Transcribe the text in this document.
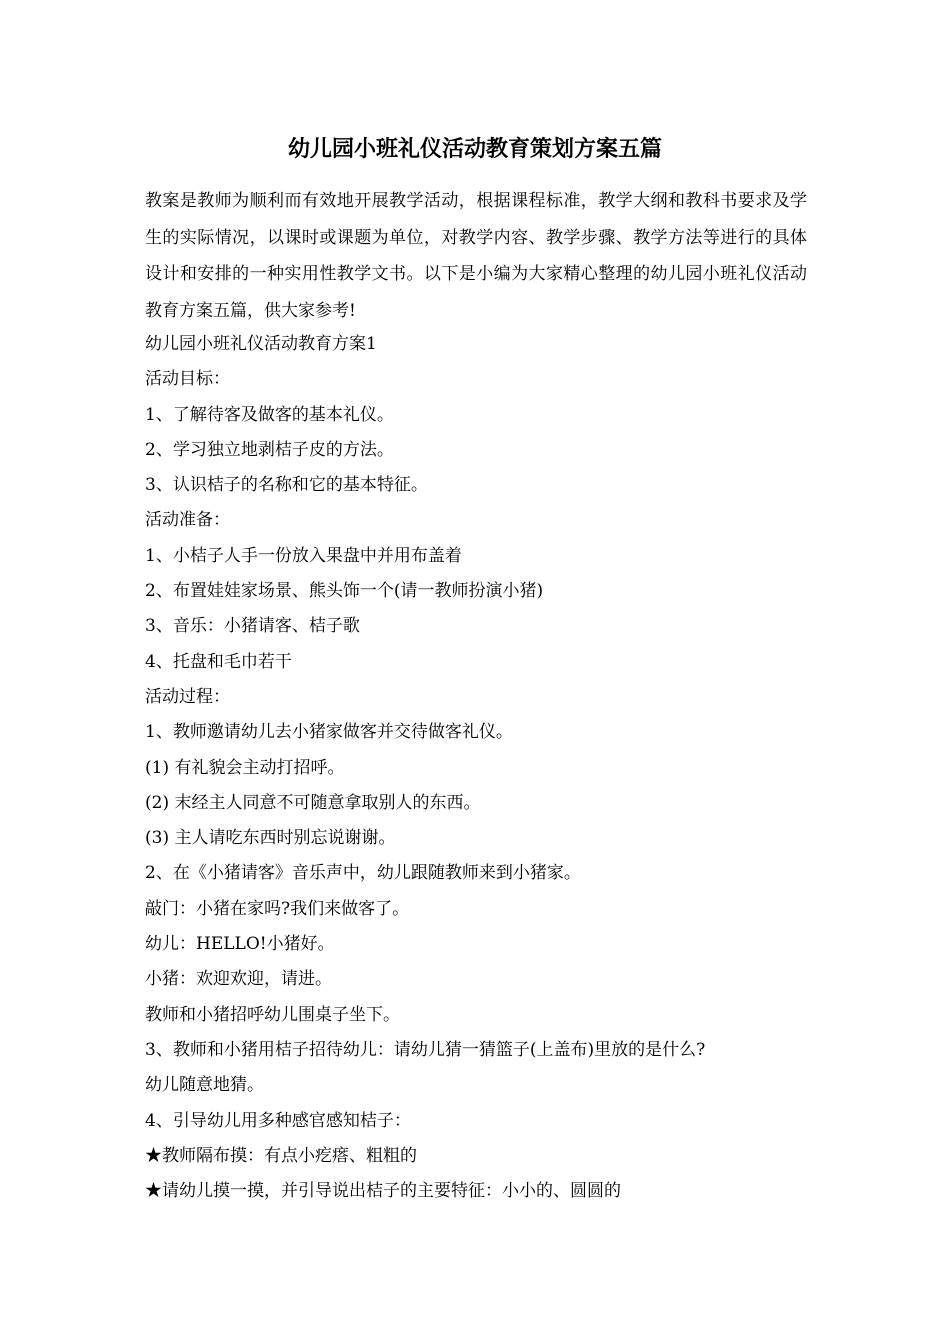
幼儿园小班礼仪活动教育策划方案五篇

教案是教师为顺利而有效地开展教学活动，根据课程标准，教学大纲和教科书要求及学生的实际情况，以课时或课题为单位，对教学内容、教学步骤、教学方法等进行的具体设计和安排的一种实用性教学文书。以下是小编为大家精心整理的幼儿园小班礼仪活动教育方案五篇，供大家参考!

幼儿园小班礼仪活动教育方案1
活动目标：
1、了解待客及做客的基本礼仪。
2、学习独立地剥桔子皮的方法。
3、认识桔子的名称和它的基本特征。
活动准备：
1、小桔子人手一份放入果盘中并用布盖着
2、布置娃娃家场景、熊头饰一个(请一教师扮演小猪)
3、音乐：小猪请客、桔子歌
4、托盘和毛巾若干
活动过程：
1、教师邀请幼儿去小猪家做客并交待做客礼仪。
(1) 有礼貌会主动打招呼。
(2) 末经主人同意不可随意拿取别人的东西。
(3) 主人请吃东西时别忘说谢谢。
2、在《小猪请客》音乐声中，幼儿跟随教师来到小猪家。
敲门：小猪在家吗?我们来做客了。
幼儿：HELLO!小猪好。
小猪：欢迎欢迎，请进。
教师和小猪招呼幼儿围桌子坐下。
3、教师和小猪用桔子招待幼儿：请幼儿猜一猜篮子(上盖布)里放的是什么?
幼儿随意地猜。
4、引导幼儿用多种感官感知桔子：
★教师隔布摸：有点小疙瘩、粗粗的
★请幼儿摸一摸，并引导说出桔子的主要特征：小小的、圆圆的
